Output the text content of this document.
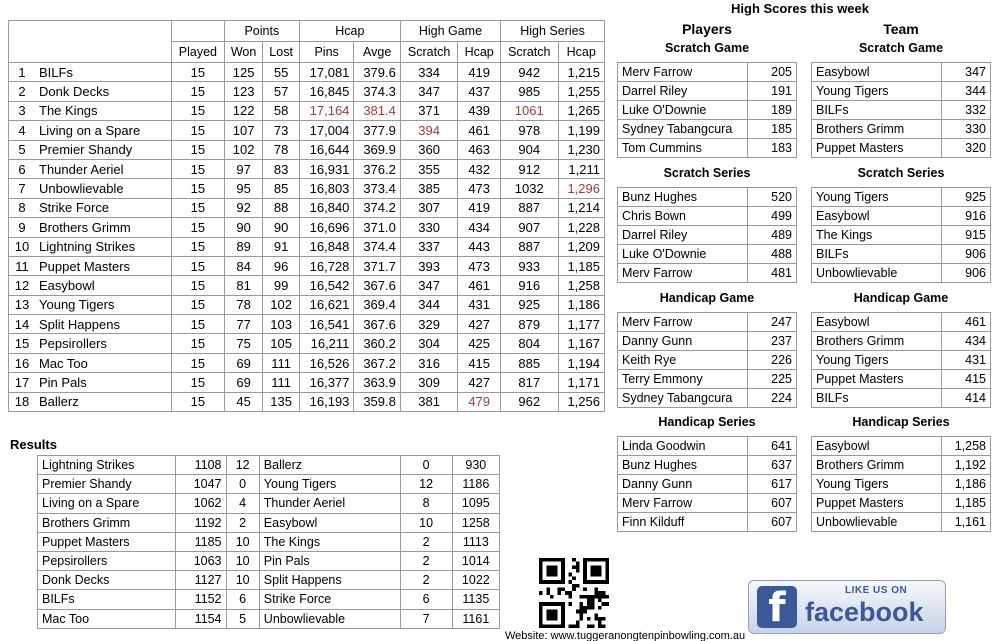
			Points		Hcap		High Game		High Series	
		Played	Won	Lost	Pins	Avge	Scratch	Hcap	Scratch	Hcap
1	BILFs	15	125	55	17,081	379.6	334	419	942	1,215
2	Donk Decks	15	123	57	16,845	374.3	347	437	985	1,255
3	The Kings	15	122	58	17,164	381.4	371	439	1061	1,265
4	Living on a Spare	15	107	73	17,004	377.9	394	461	978	1,199
5	Premier Shandy	15	102	78	16,644	369.9	360	463	904	1,230
6	Thunder Aeriel	15	97	83	16,931	376.2	355	432	912	1,211
7	Unbowlievable	15	95	85	16,803	373.4	385	473	1032	1,296
8	Strike Force	15	92	88	16,840	374.2	307	419	887	1,214
9	Brothers Grimm	15	90	90	16,696	371.0	330	434	907	1,228
10	Lightning Strikes	15	89	91	16,848	374.4	337	443	887	1,209
11	Puppet Masters	15	84	96	16,728	371.7	393	473	933	1,185
12	Easybowl	15	81	99	16,542	367.6	347	461	916	1,258
13	Young Tigers	15	78	102	16,621	369.4	344	431	925	1,186
14	Split Happens	15	77	103	16,541	367.6	329	427	879	1,177
15	Pepsirollers	15	75	105	16,211	360.2	304	425	804	1,167
16	Mac Too	15	69	111	16,526	367.2	316	415	885	1,194
17	Pin Pals	15	69	111	16,377	363.9	309	427	817	1,171
18	Ballerz	15	45	135	16,193	359.8	381	479	962	1,256
High Scores this week
Players	Team
Scratch Game
Merv Farrow	205
Darrel Riley	191
Luke O'Downie	189
Sydney Tabangcura	185
Tom Cummins	183
Scratch Game
Easybowl	347
Young Tigers	344
BILFs	332
Brothers Grimm	330
Puppet Masters	320
Scratch Series
Bunz Hughes	520
Chris Bown	499
Darrel Riley	489
Luke O'Downie	488
Merv Farrow	481
Scratch Series
Young Tigers	925
Easybowl	916
The Kings	915
BILFs	906
Unbowlievable	906
Handicap Game
Merv Farrow	247
Danny Gunn	237
Keith Rye	226
Terry Emmony	225
Sydney Tabangcura	224
Handicap Game
Easybowl	461
Brothers Grimm	434
Young Tigers	431
Puppet Masters	415
BILFs	414
Handicap Series
Linda Goodwin	641
Bunz Hughes	637
Danny Gunn	617
Merv Farrow	607
Finn Kilduff	607
Handicap Series
Easybowl	1,258
Brothers Grimm	1,192
Young Tigers	1,186
Puppet Masters	1,185
Unbowlievable	1,161
Results
Lightning Strikes	1108	12	Ballerz	0	930
Premier Shandy	1047	0	Young Tigers	12	1186
Living on a Spare	1062	4	Thunder Aeriel	8	1095
Brothers Grimm	1192	2	Easybowl	10	1258
Puppet Masters	1185	10	The Kings	2	1113
Pepsirollers	1063	10	Pin Pals	2	1014
Donk Decks	1127	10	Split Happens	2	1022
BILFs	1152	6	Strike Force	6	1135
Mac Too	1154	5	Unbowlievable	7	1161
Website: www.tuggeranongtenpinbowling.com.au
f	LIKE US ON
facebook
